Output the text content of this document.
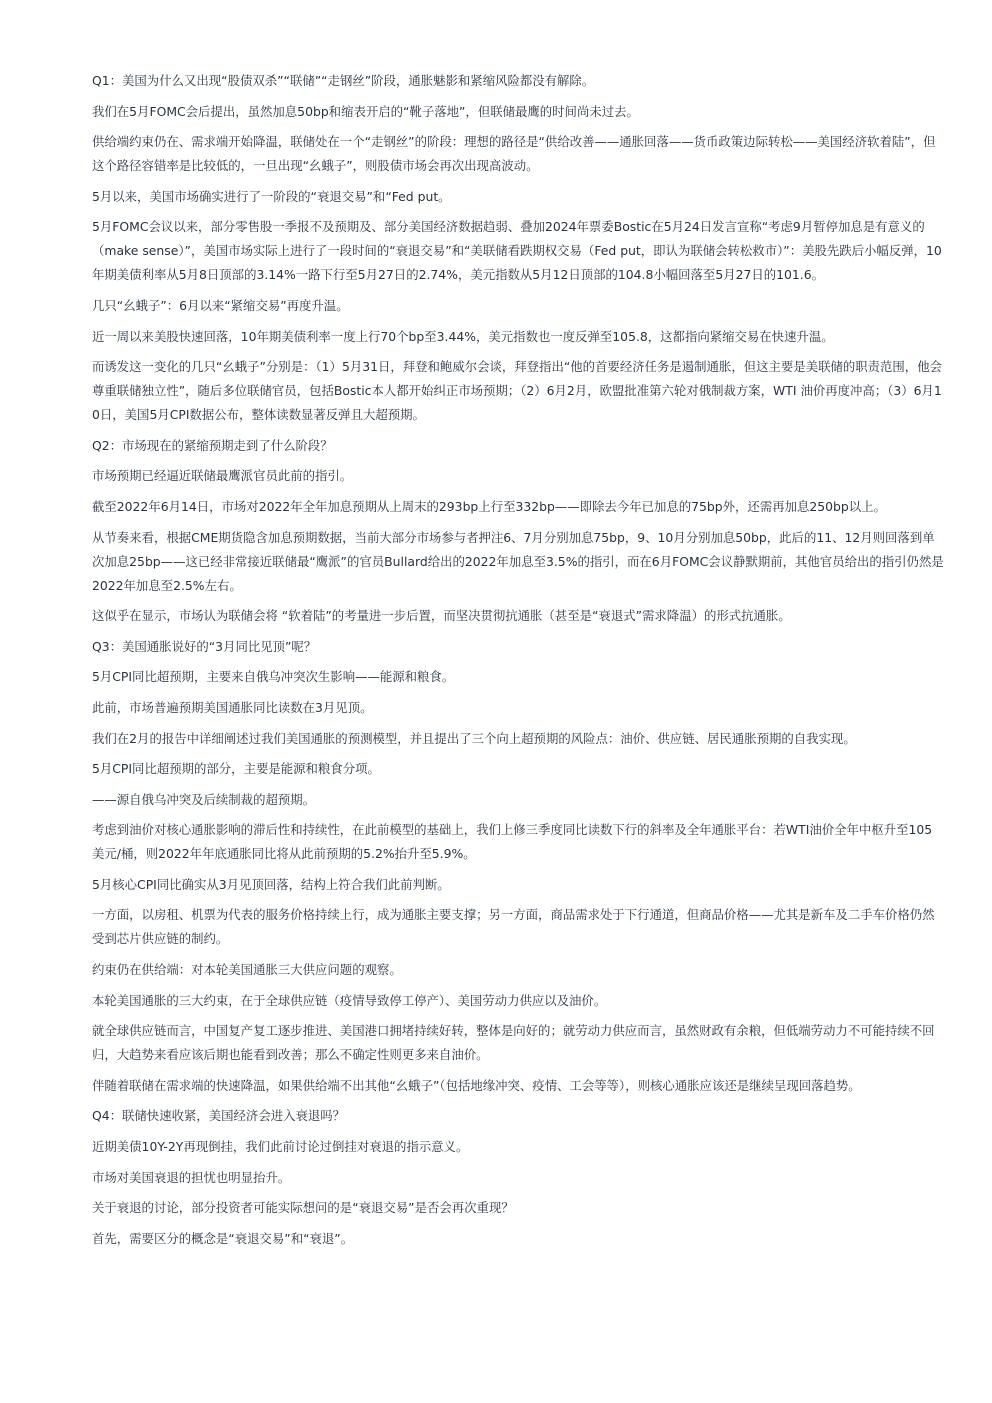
Q1：美国为什么又出现“股债双杀”“联储”“走钢丝”阶段，通胀魅影和紧缩风险都没有解除。

我们在5月FOMC会后提出，虽然加息50bp和缩表开启的“靴子落地”，但联储最鹰的时间尚未过去。

供给端约束仍在、需求端开始降温，联储处在一个“走钢丝”的阶段：理想的路径是“供给改善——通胀回落——货币政策边际转松——美国经济软着陆”，但这个路径容错率是比较低的，一旦出现“幺蛾子”，则股债市场会再次出现高波动。

5月以来，美国市场确实进行了一阶段的“衰退交易”和“Fed put。

5月FOMC会议以来，部分零售股一季报不及预期及、部分美国经济数据趋弱、叠加2024年票委Bostic在5月24日发言宣称“考虑9月暂停加息是有意义的（make sense）”，美国市场实际上进行了一段时间的“衰退交易”和“美联储看跌期权交易（Fed put，即认为联储会转松救市）”：美股先跌后小幅反弹，10年期美债利率从5月8日顶部的3.14%一路下行至5月27日的2.74%，美元指数从5月12日顶部的104.8小幅回落至5月27日的101.6。

几只“幺蛾子”：6月以来“紧缩交易”再度升温。

近一周以来美股快速回落，10年期美债利率一度上行70个bp至3.44%，美元指数也一度反弹至105.8，这都指向紧缩交易在快速升温。

而诱发这一变化的几只“幺蛾子”分别是：（1）5月31日，拜登和鲍威尔会谈，拜登指出“他的首要经济任务是遏制通胀，但这主要是美联储的职责范围，他会尊重联储独立性”，随后多位联储官员，包括Bostic本人都开始纠正市场预期；（2）6月2月，欧盟批准第六轮对俄制裁方案，WTI 油价再度冲高；（3）6月10日，美国5月CPI数据公布，整体读数显著反弹且大超预期。

Q2：市场现在的紧缩预期走到了什么阶段？

市场预期已经逼近联储最鹰派官员此前的指引。

截至2022年6月14日，市场对2022年全年加息预期从上周末的293bp上行至332bp——即除去今年已加息的75bp外，还需再加息250bp以上。

从节奏来看，根据CME期货隐含加息预期数据，当前大部分市场参与者押注6、7月分别加息75bp，9、10月分别加息50bp，此后的11、12月则回落到单次加息25bp——这已经非常接近联储最“鹰派”的官员Bullard给出的2022年加息至3.5%的指引，而在6月FOMC会议静默期前，其他官员给出的指引仍然是2022年加息至2.5%左右。

这似乎在显示，市场认为联储会将 “软着陆”的考量进一步后置，而坚决贯彻抗通胀（甚至是“衰退式”需求降温）的形式抗通胀。

Q3：美国通胀说好的“3月同比见顶”呢？

5月CPI同比超预期，主要来自俄乌冲突次生影响——能源和粮食。

此前，市场普遍预期美国通胀同比读数在3月见顶。

我们在2月的报告中详细阐述过我们美国通胀的预测模型，并且提出了三个向上超预期的风险点：油价、供应链、居民通胀预期的自我实现。

5月CPI同比超预期的部分，主要是能源和粮食分项。

——源自俄乌冲突及后续制裁的超预期。

考虑到油价对核心通胀影响的滞后性和持续性，在此前模型的基础上，我们上修三季度同比读数下行的斜率及全年通胀平台：若WTI油价全年中枢升至105美元/桶，则2022年年底通胀同比将从此前预期的5.2%抬升至5.9%。

5月核心CPI同比确实从3月见顶回落，结构上符合我们此前判断。

一方面，以房租、机票为代表的服务价格持续上行，成为通胀主要支撑；另一方面，商品需求处于下行通道，但商品价格——尤其是新车及二手车价格仍然受到芯片供应链的制约。

约束仍在供给端：对本轮美国通胀三大供应问题的观察。

本轮美国通胀的三大约束，在于全球供应链（疫情导致停工停产）、美国劳动力供应以及油价。

就全球供应链而言，中国复产复工逐步推进、美国港口拥堵持续好转，整体是向好的；就劳动力供应而言，虽然财政有余粮，但低端劳动力不可能持续不回归，大趋势来看应该后期也能看到改善；那么不确定性则更多来自油价。

伴随着联储在需求端的快速降温，如果供给端不出其他“幺蛾子”（包括地缘冲突、疫情、工会等等），则核心通胀应该还是继续呈现回落趋势。

Q4：联储快速收紧，美国经济会进入衰退吗？

近期美债10Y-2Y再现倒挂，我们此前讨论过倒挂对衰退的指示意义。

市场对美国衰退的担忧也明显抬升。

关于衰退的讨论，部分投资者可能实际想问的是“衰退交易”是否会再次重现？

首先，需要区分的概念是“衰退交易”和“衰退”。
